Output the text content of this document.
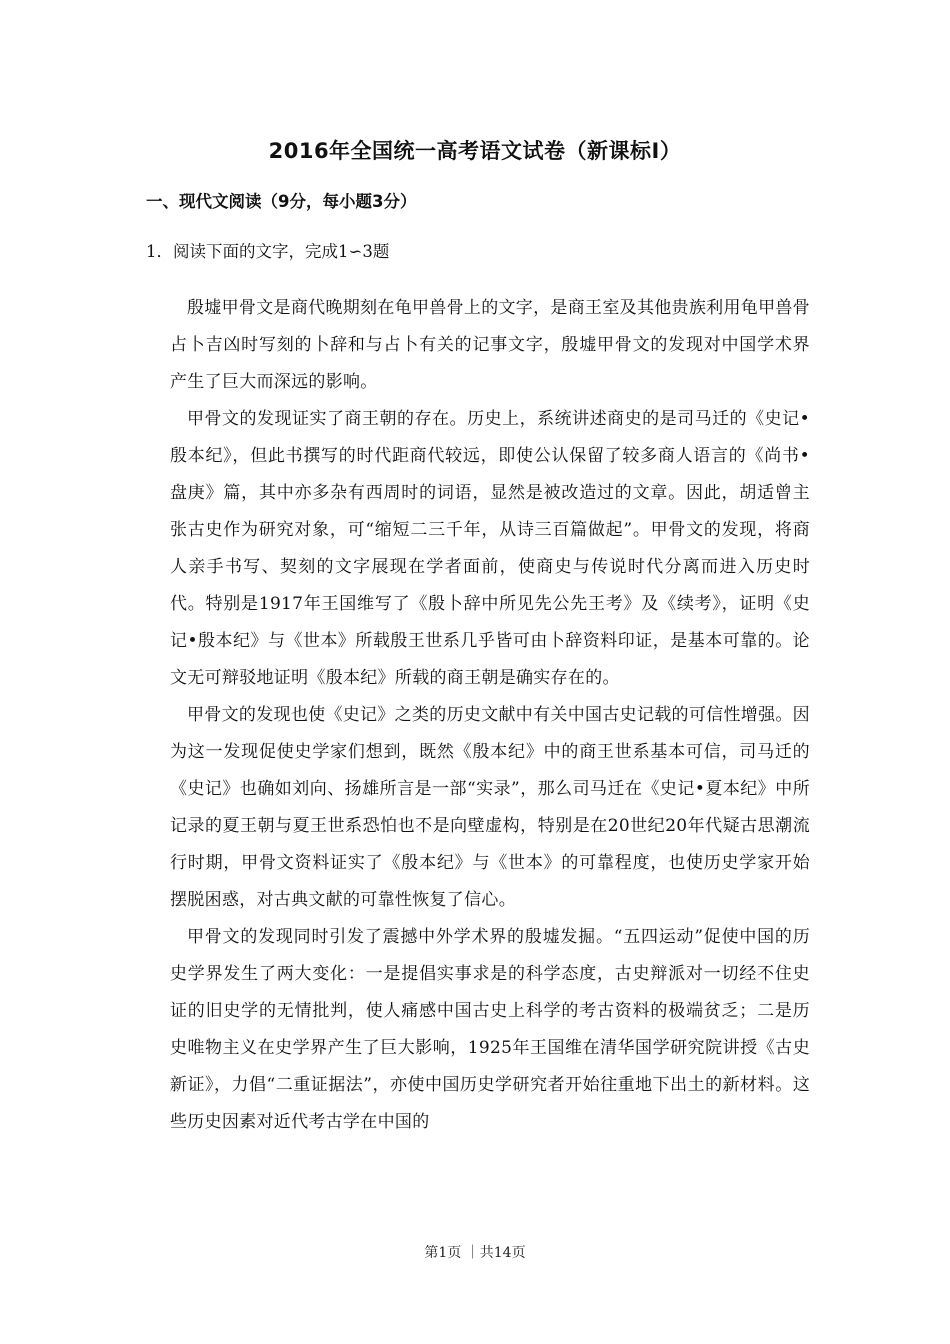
2016年全国统一高考语文试卷（新课标Ⅰ）
一、现代文阅读（9分，每小题3分）
1．阅读下面的文字，完成1∽3题

殷墟甲骨文是商代晚期刻在龟甲兽骨上的文字，是商王室及其他贵族利用龟甲兽骨占卜吉凶时写刻的卜辞和与占卜有关的记事文字，殷墟甲骨文的发现对中国学术界产生了巨大而深远的影响。

甲骨文的发现证实了商王朝的存在。历史上，系统讲述商史的是司马迁的《史记•殷本纪》，但此书撰写的时代距商代较远，即使公认保留了较多商人语言的《尚书•盘庚》篇，其中亦多杂有西周时的词语，显然是被改造过的文章。因此，胡适曾主张古史作为研究对象，可“缩短二三千年，从诗三百篇做起”。甲骨文的发现，将商人亲手书写、契刻的文字展现在学者面前，使商史与传说时代分离而进入历史时代。特别是1917年王国维写了《殷卜辞中所见先公先王考》及《续考》，证明《史记•殷本纪》与《世本》所载殷王世系几乎皆可由卜辞资料印证，是基本可靠的。论文无可辩驳地证明《殷本纪》所载的商王朝是确实存在的。

甲骨文的发现也使《史记》之类的历史文献中有关中国古史记载的可信性增强。因为这一发现促使史学家们想到，既然《殷本纪》中的商王世系基本可信，司马迁的《史记》也确如刘向、扬雄所言是一部“实录”，那么司马迁在《史记•夏本纪》中所记录的夏王朝与夏王世系恐怕也不是向壁虚构，特别是在20世纪20年代疑古思潮流行时期，甲骨文资料证实了《殷本纪》与《世本》的可靠程度，也使历史学家开始摆脱困惑，对古典文献的可靠性恢复了信心。

甲骨文的发现同时引发了震撼中外学术界的殷墟发掘。“五四运动”促使中国的历史学界发生了两大变化：一是提倡实事求是的科学态度，古史辩派对一切经不住史证的旧史学的无情批判，使人痛感中国古史上科学的考古资料的极端贫乏；二是历史唯物主义在史学界产生了巨大影响，1925年王国维在清华国学研究院讲授《古史新证》，力倡“二重证据法”，亦使中国历史学研究者开始往重地下出土的新材料。这些历史因素对近代考古学在中国的

第1页 ｜共14页
